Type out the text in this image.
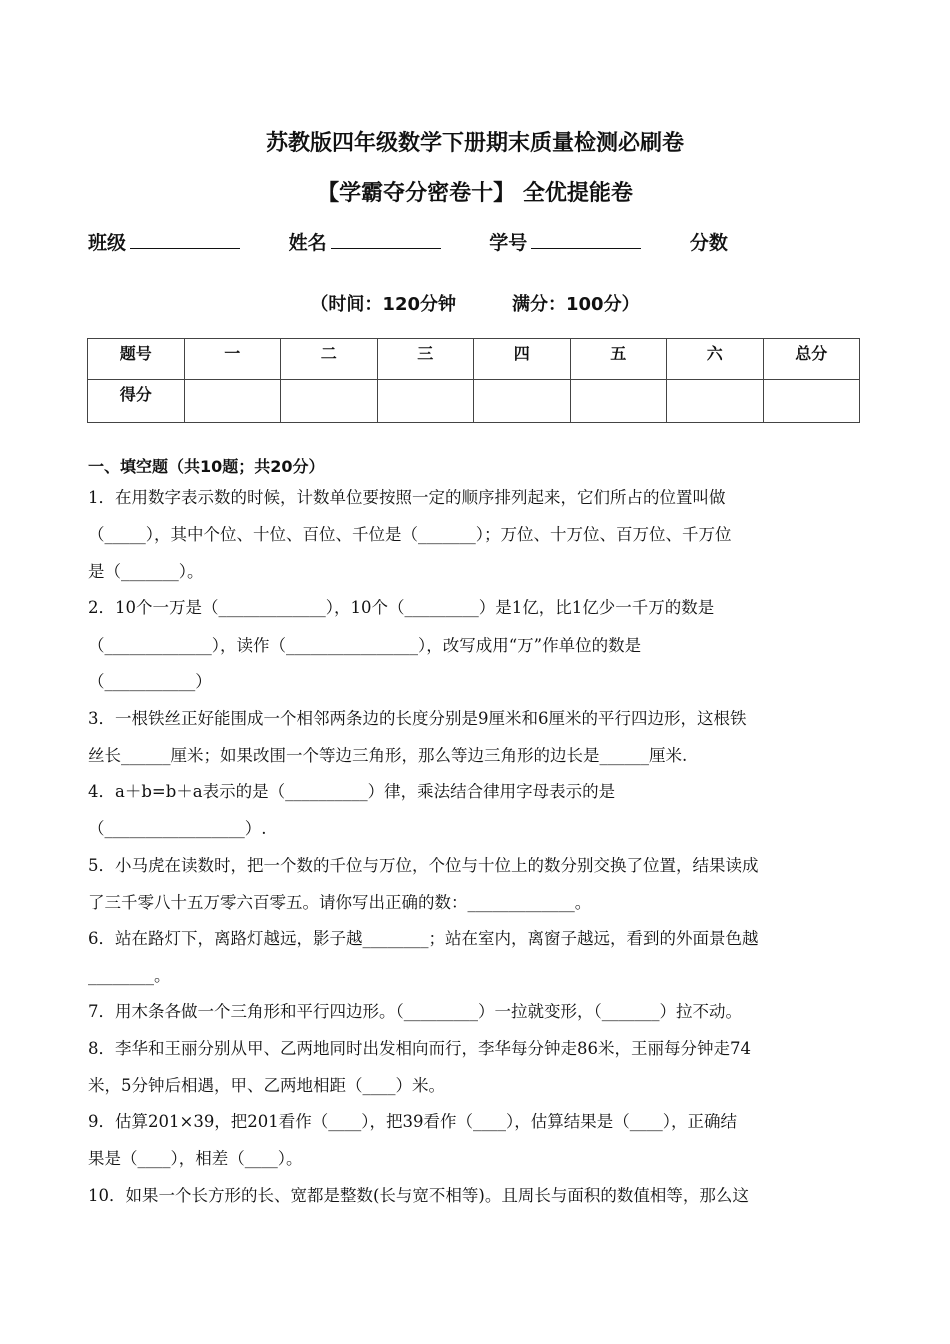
苏教版四年级数学下册期末质量检测必刷卷
【学霸夺分密卷十】 全优提能卷
班级	姓名	学号	分数
（时间：120分钟	满分：100分）
题号	一	二	三	四	五	六	总分
得分							
一、填空题（共10题；共20分）
1．在用数字表示数的时候，计数单位要按照一定的顺序排列起来，它们所占的位置叫做
（_____），其中个位、十位、百位、千位是（_______）；万位、十万位、百万位、千万位
是（_______）。
2．10个一万是（_____________），10个（_________）是1亿，比1亿少一千万的数是
（_____________），读作（________________），改写成用“万”作单位的数是
（___________）
3．一根铁丝正好能围成一个相邻两条边的长度分别是9厘米和6厘米的平行四边形，这根铁
丝长______厘米；如果改围一个等边三角形，那么等边三角形的边长是______厘米.
4．a＋b=b＋a表示的是（__________）律，乘法结合律用字母表示的是
（_________________）.
5．小马虎在读数时，把一个数的千位与万位，个位与十位上的数分别交换了位置，结果读成
了三千零八十五万零六百零五。请你写出正确的数：_____________。
6．站在路灯下，离路灯越远，影子越________；站在室内，离窗子越远，看到的外面景色越
________。
7．用木条各做一个三角形和平行四边形。（_________）一拉就变形，（_______）拉不动。
8．李华和王丽分别从甲、乙两地同时出发相向而行，李华每分钟走86米，王丽每分钟走74
米，5分钟后相遇，甲、乙两地相距（____）米。
9．估算201×39，把201看作（____），把39看作（____），估算结果是（____），正确结
果是（____），相差（____）。
10．如果一个长方形的长、宽都是整数(长与宽不相等)。且周长与面积的数值相等，那么这
